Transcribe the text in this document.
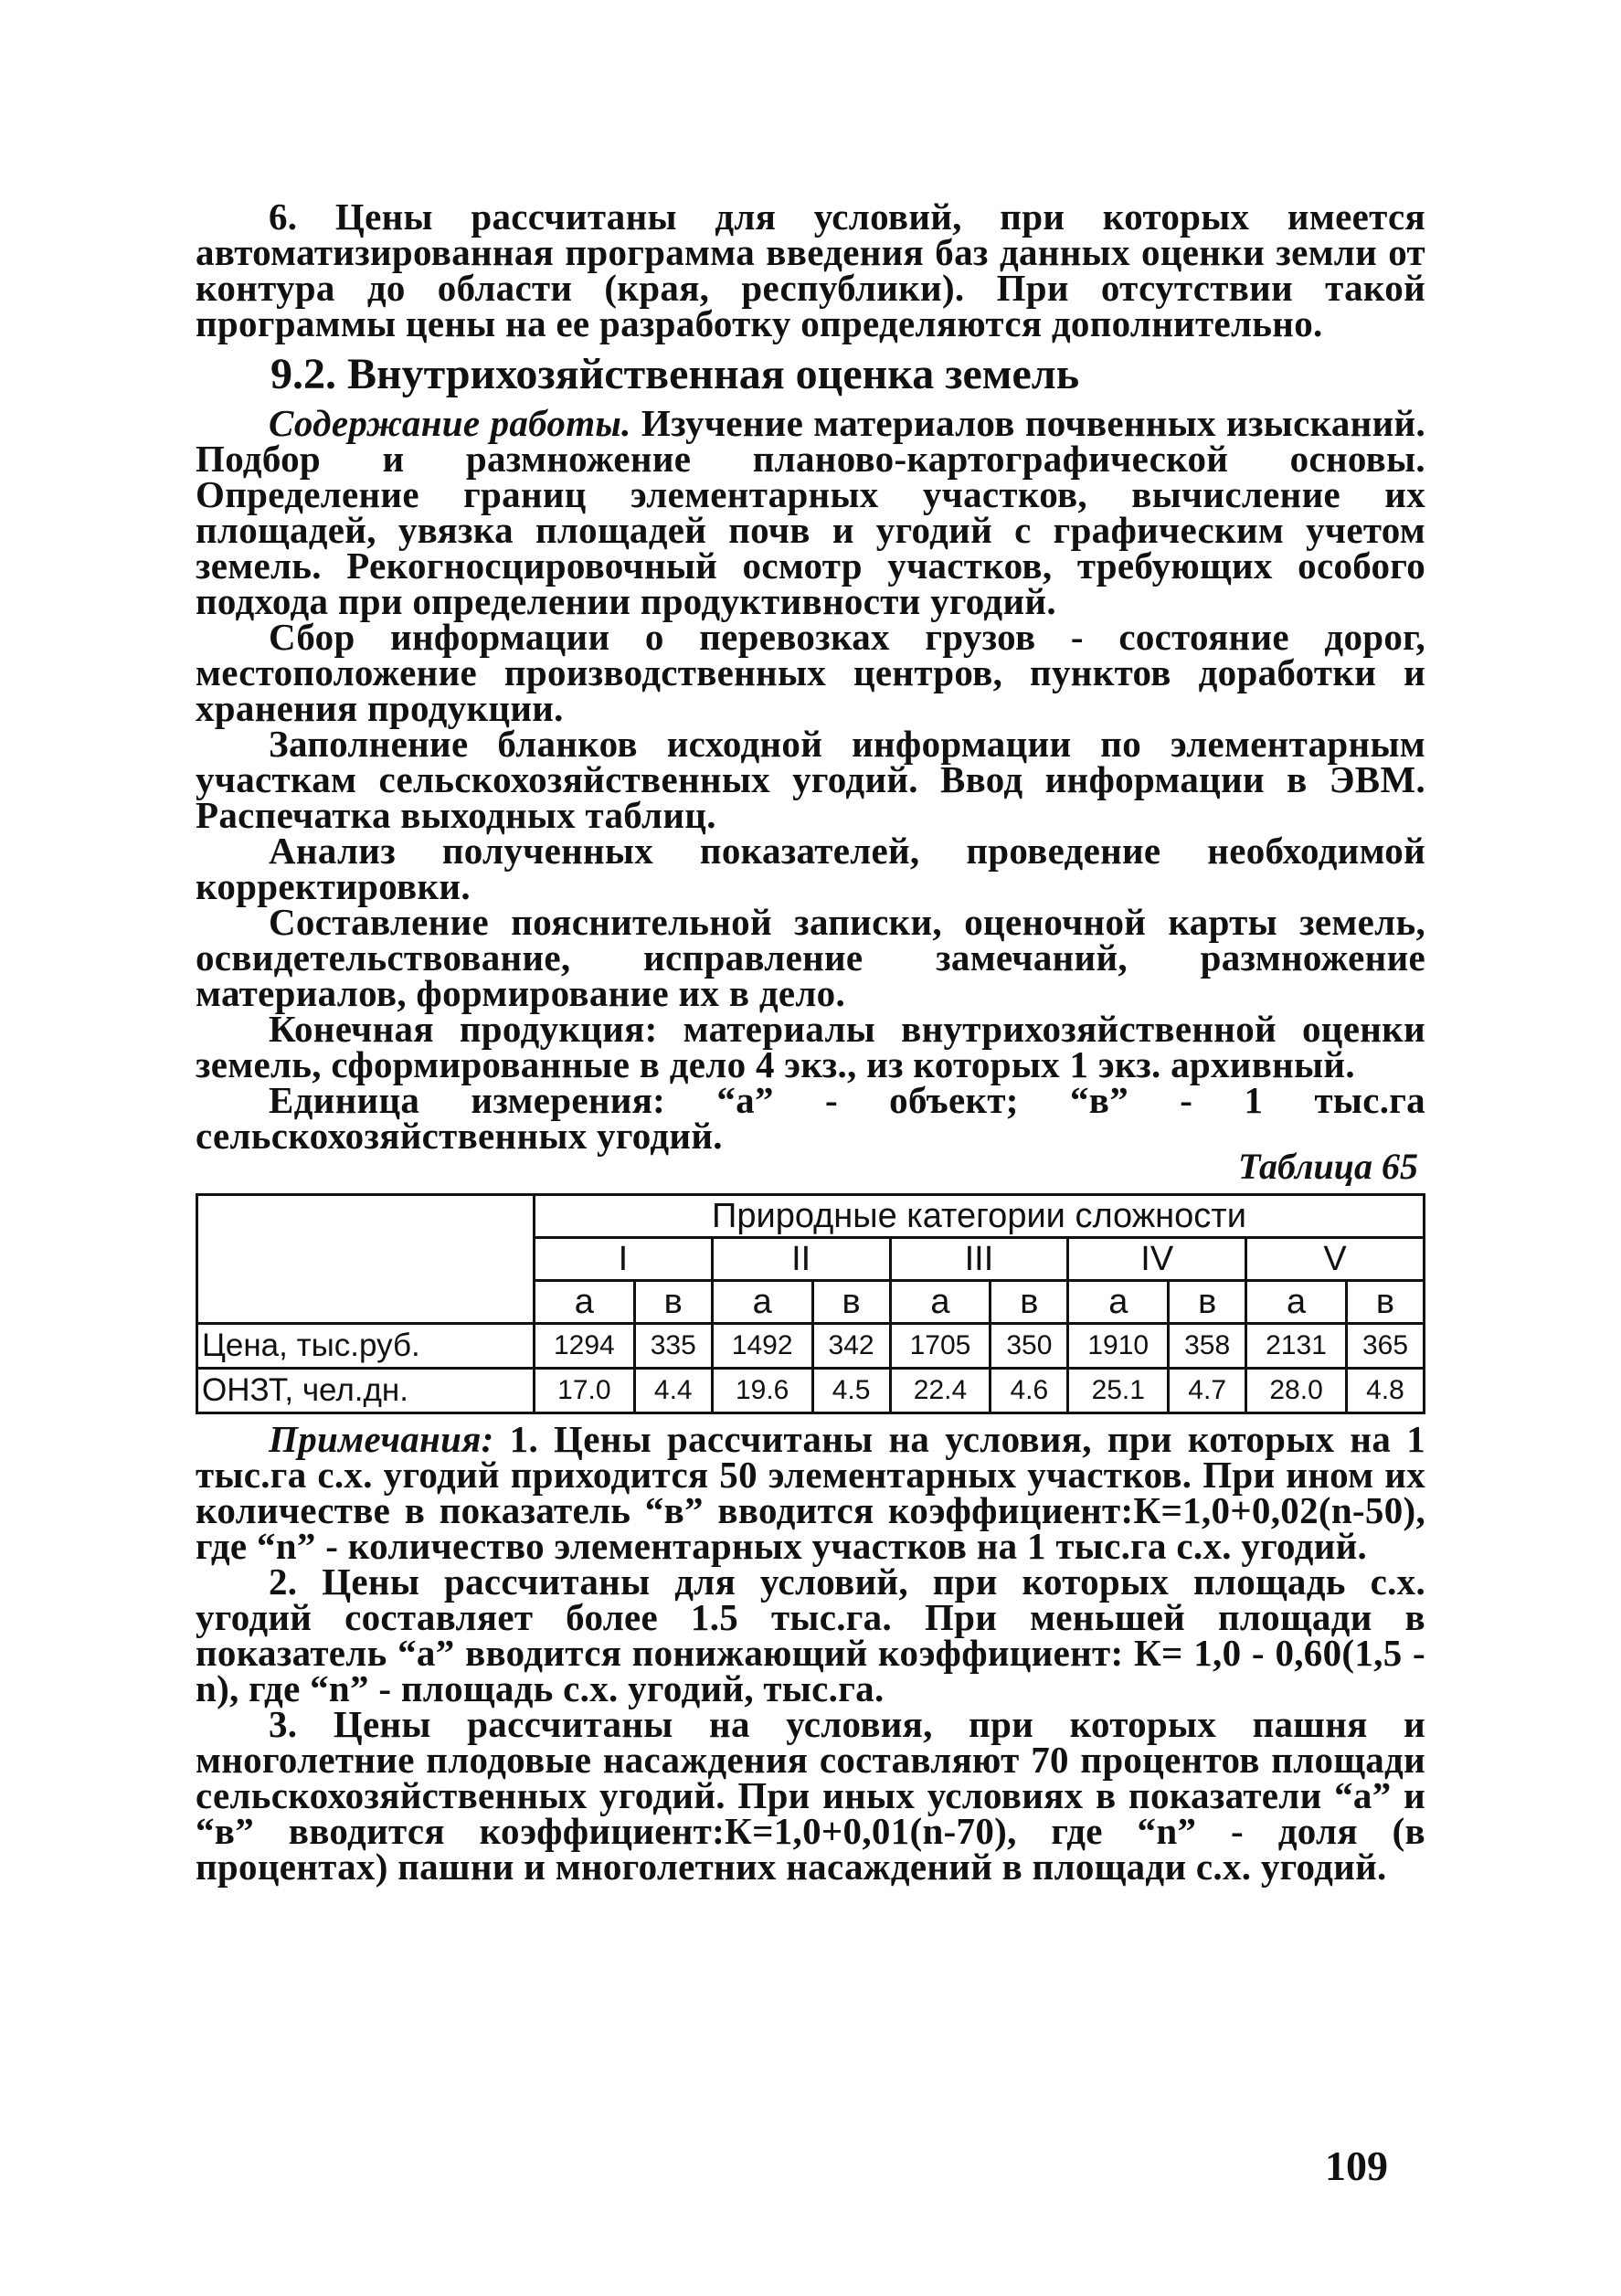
6. Цены рассчитаны для условий, при которых имеется автоматизированная программа введения баз данных оценки земли от контура до области (края, республики). При отсутствии такой программы цены на ее разработку определяются дополнительно.

9.2. Внутрихозяйственная оценка земель

Содержание работы. Изучение материалов почвенных изысканий. Подбор и размножение планово-картографической основы. Определение границ элементарных участков, вычисление их площадей, увязка площадей почв и угодий с графическим учетом земель. Рекогносцировочный осмотр участков, требующих особого подхода при определении продуктивности угодий.

Сбор информации о перевозках грузов - состояние дорог, местоположение производственных центров, пунктов доработки и хранения продукции.

Заполнение бланков исходной информации по элементарным участкам сельскохозяйственных угодий. Ввод информации в ЭВМ. Распечатка выходных таблиц.

Анализ полученных показателей, проведение необходимой корректировки.

Составление пояснительной записки, оценочной карты земель, освидетельствование, исправление замечаний, размножение материалов, формирование их в дело.

Конечная продукция: материалы внутрихозяйственной оценки земель, сформированные в дело 4 экз., из которых 1 экз. архивный.

Единица измерения: “а” - объект; “в” - 1 тыс.га сельскохозяйственных угодий.

Таблица 65
	Природные категории сложности									
	I		II		III		IV		V	
	а	в	а	в	а	в	а	в	а	в
Цена, тыс.руб.	1294	335	1492	342	1705	350	1910	358	2131	365
ОНЗТ, чел.дн.	17.0	4.4	19.6	4.5	22.4	4.6	25.1	4.7	28.0	4.8

Примечания: 1. Цены рассчитаны на условия, при которых на 1 тыс.га с.х. угодий приходится 50 элементарных участков. При ином их количестве в показатель “в” вводится коэффициент:К=1,0+0,02(n-50), где “n” - количество элементарных участков на 1 тыс.га с.х. угодий.

2. Цены рассчитаны для условий, при которых площадь с.х. угодий составляет более 1.5 тыс.га. При меньшей площади в показатель “а” вводится понижающий коэффициент: К= 1,0 - 0,60(1,5 - n), где “n” - площадь с.х. угодий, тыс.га.

3. Цены рассчитаны на условия, при которых пашня и многолетние плодовые насаждения составляют 70 процентов площади сельскохозяйственных угодий. При иных условиях в показатели “а” и “в” вводится коэффициент:К=1,0+0,01(n-70), где “n” - доля (в процентах) пашни и многолетних насаждений в площади с.х. угодий.

109
